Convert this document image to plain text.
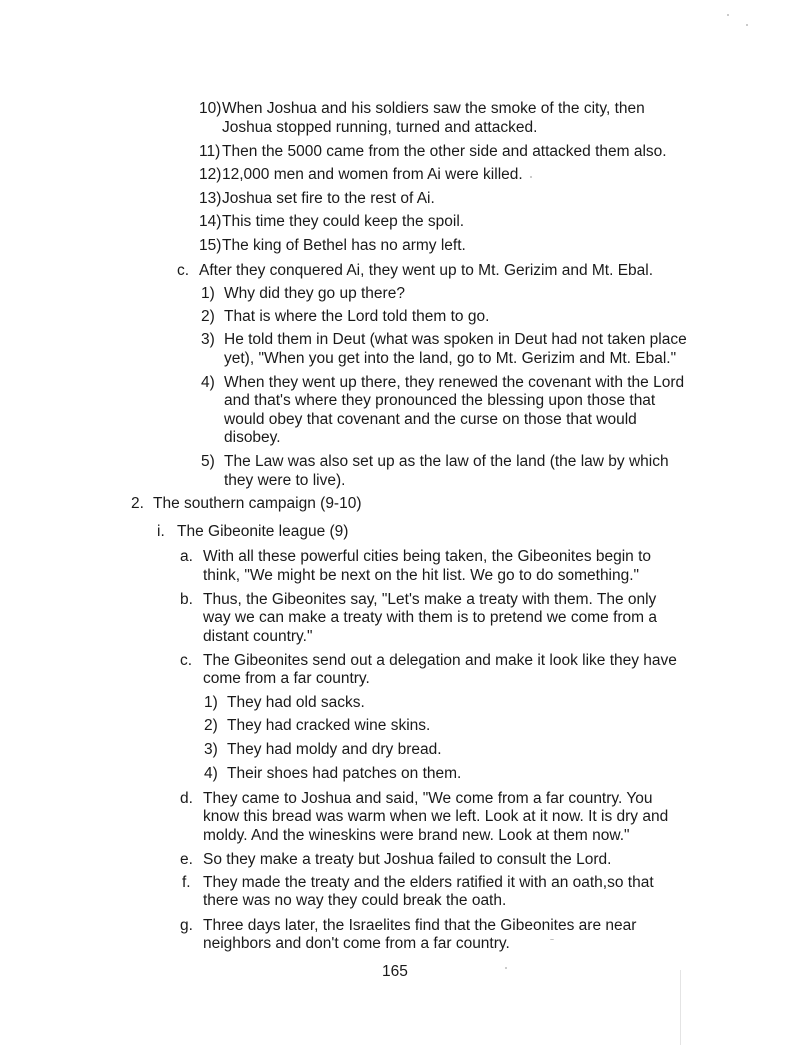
10) When Joshua and his soldiers saw the smoke of the city, then
Joshua stopped running, turned and attacked.
11) Then the 5000 came from the other side and attacked them also.
12) 12,000 men and women from Ai were killed.
13) Joshua set fire to the rest of Ai.
14) This time they could keep the spoil.
15) The king of Bethel has no army left.
c. After they conquered Ai, they went up to Mt. Gerizim and Mt. Ebal.
1) Why did they go up there?
2) That is where the Lord told them to go.
3) He told them in Deut (what was spoken in Deut had not taken place
yet), "When you get into the land, go to Mt. Gerizim and Mt. Ebal."
4) When they went up there, they renewed the covenant with the Lord
and that's where they pronounced the blessing upon those that
would obey that covenant and the curse on those that would
disobey.
5) The Law was also set up as the law of the land (the law by which
they were to live).
2. The southern campaign (9-10)
i. The Gibeonite league (9)
a. With all these powerful cities being taken, the Gibeonites begin to
think, "We might be next on the hit list. We go to do something."
b. Thus, the Gibeonites say, "Let's make a treaty with them. The only
way we can make a treaty with them is to pretend we come from a
distant country."
c. The Gibeonites send out a delegation and make it look like they have
come from a far country.
1) They had old sacks.
2) They had cracked wine skins.
3) They had moldy and dry bread.
4) Their shoes had patches on them.
d. They came to Joshua and said, "We come from a far country. You
know this bread was warm when we left. Look at it now. It is dry and
moldy. And the wineskins were brand new. Look at them now."
e. So they make a treaty but Joshua failed to consult the Lord.
f. They made the treaty and the elders ratified it with an oath,so that
there was no way they could break the oath.
g. Three days later, the Israelites find that the Gibeonites are near
neighbors and don't come from a far country.
165
